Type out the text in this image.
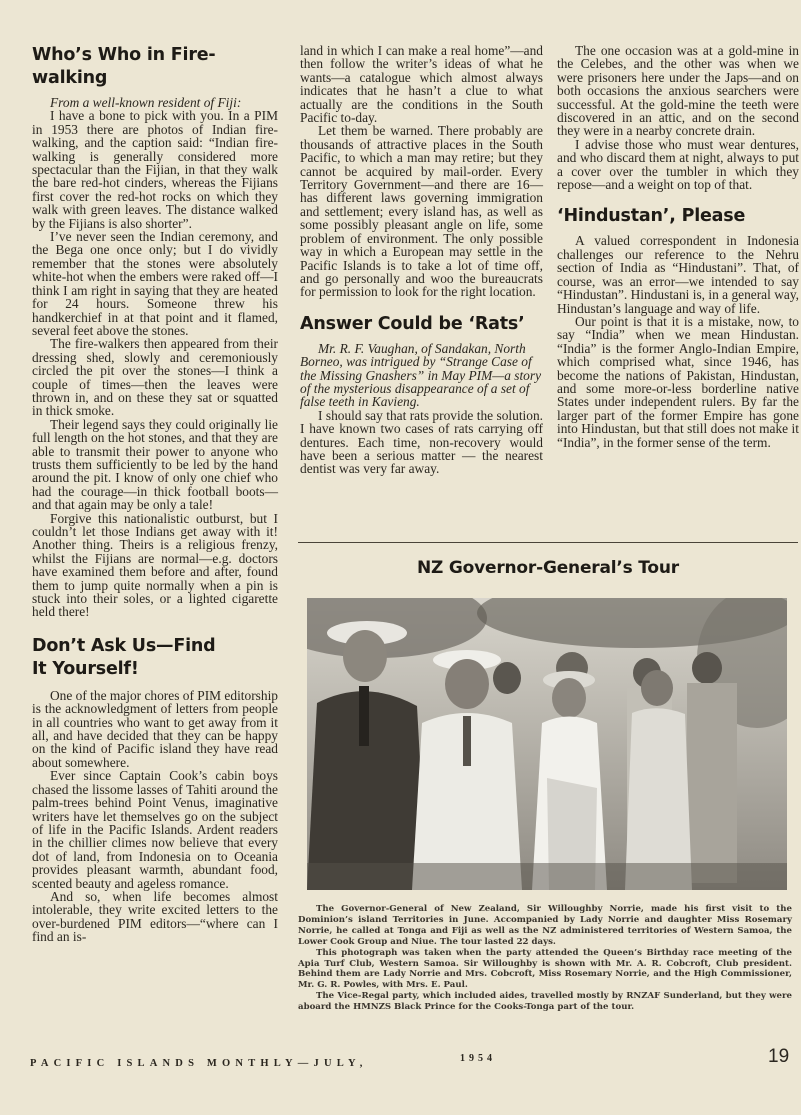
Who’s Who in Fire-walking

From a well-known resident of Fiji:

I have a bone to pick with you. In a PIM in 1953 there are photos of Indian fire-walking, and the caption said: “Indian fire-walking is generally considered more spectacular than the Fijian, in that they walk the bare red-hot cinders, whereas the Fijians first cover the red-hot rocks on which they walk with green leaves. The distance walked by the Fijians is also shorter”.

I’ve never seen the Indian ceremony, and the Bega one once only; but I do vividly remember that the stones were absolutely white-hot when the embers were raked off—I think I am right in saying that they are heated for 24 hours. Someone threw his handkerchief in at that point and it flamed, several feet above the stones.

The fire-walkers then appeared from their dressing shed, slowly and ceremoniously circled the pit over the stones—I think a couple of times—then the leaves were thrown in, and on these they sat or squatted in thick smoke.

Their legend says they could originally lie full length on the hot stones, and that they are able to transmit their power to anyone who trusts them sufficiently to be led by the hand around the pit. I know of only one chief who had the courage—in thick football boots—and that again may be only a tale!

Forgive this nationalistic outburst, but I couldn’t let those Indians get away with it! Another thing. Theirs is a religious frenzy, whilst the Fijians are normal—e.g. doctors have examined them before and after, found them to jump quite normally when a pin is stuck into their soles, or a lighted cigarette held there!

Don’t Ask Us—Find
It Yourself!

One of the major chores of PIM editorship is the acknowledgment of letters from people in all countries who want to get away from it all, and have decided that they can be happy on the kind of Pacific island they have read about somewhere.

Ever since Captain Cook’s cabin boys chased the lissome lasses of Tahiti around the palm-trees behind Point Venus, imaginative writers have let themselves go on the subject of life in the Pacific Islands. Ardent readers in the chillier climes now believe that every dot of land, from Indonesia on to Oceania provides pleasant warmth, abundant food, scented beauty and ageless romance.

And so, when life becomes almost intolerable, they write excited letters to the over-burdened PIM editors—“where can I find an is-

land in which I can make a real home”—and then follow the writer’s ideas of what he wants—a catalogue which almost always indicates that he hasn’t a clue to what actually are the conditions in the South Pacific to-day.

Let them be warned. There probably are thousands of attractive places in the South Pacific, to which a man may retire; but they cannot be acquired by mail-order. Every Territory Government—and there are 16—has different laws governing immigration and settlement; every island has, as well as some possibly pleasant angle on life, some problem of environment. The only possible way in which a European may settle in the Pacific Islands is to take a lot of time off, and go personally and woo the bureaucrats for permission to look for the right location.

Answer Could be ‘Rats’

Mr. R. F. Vaughan, of Sandakan, North Borneo, was intrigued by “Strange Case of the Missing Gnashers” in May PIM—a story of the mysterious disappearance of a set of false teeth in Kavieng.

I should say that rats provide the solution. I have known two cases of rats carrying off dentures. Each time, non-recovery would have been a serious matter — the nearest dentist was very far away.

The one occasion was at a gold-mine in the Celebes, and the other was when we were prisoners here under the Japs—and on both occasions the anxious searchers were successful. At the gold-mine the teeth were discovered in an attic, and on the second they were in a nearby concrete drain.

I advise those who must wear dentures, and who discard them at night, always to put a cover over the tumbler in which they repose—and a weight on top of that.

‘Hindustan’, Please

A valued correspondent in Indonesia challenges our reference to the Nehru section of India as “Hindustani”. That, of course, was an error—we intended to say “Hindustan”. Hindustani is, in a general way, Hindustan’s language and way of life.

Our point is that it is a mistake, now, to say “India” when we mean Hindustan. “India” is the former Anglo-Indian Empire, which comprised what, since 1946, has become the nations of Pakistan, Hindustan, and some more-or-less borderline native States under independent rulers. By far the larger part of the former Empire has gone into Hindustan, but that still does not make it “India”, in the former sense of the term.

NZ Governor-General’s Tour

The Governor-General of New Zealand, Sir Willoughby Norrie, made his first visit to the Dominion’s island Territories in June. Accompanied by Lady Norrie and daughter Miss Rosemary Norrie, he called at Tonga and Fiji as well as the NZ administered territories of Western Samoa, the Lower Cook Group and Niue. The tour lasted 22 days.

This photograph was taken when the party attended the Queen’s Birthday race meeting of the Apia Turf Club, Western Samoa. Sir Willoughby is shown with Mr. A. R. Cobcroft, Club president. Behind them are Lady Norrie and Mrs. Cobcroft, Miss Rosemary Norrie, and the High Commissioner, Mr. G. R. Powles, with Mrs. E. Paul.

The Vice-Regal party, which included aides, travelled mostly by RNZAF Sunderland, but they were aboard the HMNZS Black Prince for the Cooks-Tonga part of the tour.

PACIFIC ISLANDS MONTHLY—JULY,	1954	19
